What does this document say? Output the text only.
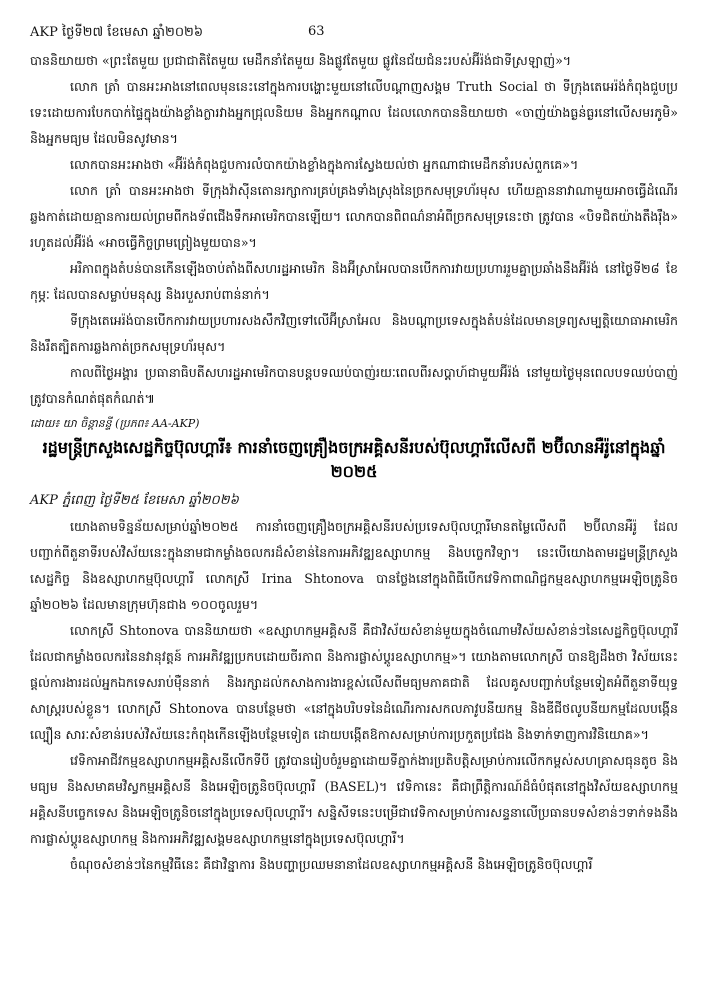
AKP ថ្ងៃទី២៧ ខែមេសា ឆ្នាំ២០២៦	63

បាននិយាយថា «ព្រះតែមួយ ប្រជាជាតិតែមួយ មេដឹកនាំតែមួយ និងផ្លូវតែមួយ ផ្លូវនៃជ័យជំនះរបស់អ៊ីរ៉ង់ជាទីស្រឡាញ់»។

លោក ត្រាំ បានអះអាងនៅពេលមុននេះនៅក្នុងការបង្ហោះមួយនៅលើបណ្ដាញសង្គម Truth Social ថា ទីក្រុងតេអេរ៉ង់កំពុងជួបប្រទេះដោយការបែកបាក់ផ្ទៃក្នុងយ៉ាងខ្លាំងក្លារវាងអ្នកជ្រុលនិយម និងអ្នកកណ្ដាល ដែលលោកបាននិយាយថា «ចាញ់យ៉ាងធ្ងន់ធ្ងរនៅលើសមរភូមិ» និងអ្នកមធ្យម ដែលមិនសូវមាន។

លោកបានអះអាងថា «អ៊ីរ៉ង់កំពុងជួបការលំបាកយ៉ាងខ្លាំងក្នុងការស្វែងយល់ថា អ្នកណាជាមេដឹកនាំរបស់ពួកគេ»។

លោក ត្រាំ បានអះអាងថា ទីក្រុងវ៉ាស៊ីនតោនរក្សាការគ្រប់គ្រងទាំងស្រុងនៃច្រកសមុទ្រហ័រមុស ហើយគ្មាននាវាណាមួយអាចធ្វើដំណើរឆ្លងកាត់ដោយគ្មានការយល់ព្រមពីកងទ័ពជើងទឹកអាមេរិកបានឡើយ។ លោកបានពិពណ៌នាអំពីច្រកសមុទ្រនេះថា ត្រូវបាន «បិទជិតយ៉ាងតឹងរ៉ឹង» រហូតដល់អ៊ីរ៉ង់ «អាចធ្វើកិច្ចព្រមព្រៀងមួយបាន»។

អរិភាពក្នុងតំបន់បានកើនឡើងចាប់តាំងពីសហរដ្ឋអាមេរិក និងអ៊ីស្រាអែលបានបើកការវាយប្រហាររួមគ្នាប្រឆាំងនឹងអ៊ីរ៉ង់ នៅថ្ងៃទី២៨ ខែកុម្ភៈ ដែលបានសម្លាប់មនុស្ស និងរបួសរាប់ពាន់នាក់។

ទីក្រុងតេអេរ៉ង់បានបើកការវាយប្រហារសងសឹកវិញទៅលើអ៊ីស្រាអែល និងបណ្ដាប្រទេសក្នុងតំបន់ដែលមានទ្រព្យសម្បត្តិយោធាអាមេរិក និងរឹតត្បិតការឆ្លងកាត់ច្រកសមុទ្រហ័រមុស។

កាលពីថ្ងៃអង្គារ ប្រធានាធិបតីសហរដ្ឋអាមេរិកបានបន្តបទឈប់បាញ់រយៈពេលពីរសប្ដាហ៍ជាមួយអ៊ីរ៉ង់ នៅមួយថ្ងៃមុនពេលបទឈប់បាញ់ត្រូវបានកំណត់ផុតកំណត់៕

ដោយ៖ យា ចិន្ដានន្ទី (ប្រភព៖ AA-AKP)
រដ្ឋមន្ត្រីក្រសួងសេដ្ឋកិច្ចប៊ុលហ្គារី៖ ការនាំចេញគ្រឿងចក្រអគ្គិសនីរបស់ប៊ុលហ្គារីលើសពី ២ប៊ីលានអឺរ៉ូនៅក្នុងឆ្នាំ ២០២៥
AKP ភ្នំពេញ ថ្ងៃទី២៥ ខែមេសា ឆ្នាំ២០២៦

យោងតាមទិន្នន័យសម្រាប់ឆ្នាំ២០២៥ ការនាំចេញគ្រឿងចក្រអគ្គិសនីរបស់ប្រទេសប៊ុលហ្គារីមានតម្លៃលើសពី ២ប៊ីលានអឺរ៉ូ ដែលបញ្ជាក់ពីតួនាទីរបស់វិស័យនេះក្នុងនាមជាកម្លាំងចលករដ៏សំខាន់នៃការអភិវឌ្ឍឧស្សាហកម្ម និងបច្ចេកវិទ្យា។ នេះបើយោងតាមរដ្ឋមន្ត្រីក្រសួងសេដ្ឋកិច្ច និងឧស្សាហកម្មប៊ុលហ្គារី លោកស្រី Irina Shtonova បានថ្លែងនៅក្នុងពិធីបើកវេទិកាពាណិជ្ជកម្មឧស្សាហកម្មអេឡិចត្រូនិចឆ្នាំ២០២៦ ដែលមានក្រុមហ៊ុនជាង ១០០ចូលរួម។

លោកស្រី Shtonova បាននិយាយថា «ឧស្សាហកម្មអគ្គិសនី គឺជាវិស័យសំខាន់មួយក្នុងចំណោមវិស័យសំខាន់ៗនៃសេដ្ឋកិច្ចប៊ុលហ្គារី ដែលជាកម្លាំងចលករនៃនវានុវត្តន៍ ការអភិវឌ្ឍប្រកបដោយចីរភាព និងការផ្លាស់ប្ដូរឧស្សាហកម្ម»។ យោងតាមលោកស្រី បានឱ្យដឹងថា វិស័យនេះផ្ដល់ការងារដល់អ្នកឯកទេសរាប់ម៉ឺននាក់ និងរក្សាដល់កសាងការងារខ្ពស់លើសពីមធ្យមភាគជាតិ ដែលគូសបញ្ជាក់បន្ថែមទៀតអំពីតួនាទីយុទ្ធសាស្ត្ររបស់ខ្លួន។ លោកស្រី Shtonova បានបន្ថែមថា «នៅក្នុងបរិបទនៃដំណើរការសកលភាវូបនីយកម្ម និងឌីជីថលូបនីយកម្មដែលបង្កើនល្បឿន សារៈសំខាន់របស់វិស័យនេះកំពុងកើនឡើងបន្ថែមទៀត ដោយបង្កើតឱកាសសម្រាប់ការប្រកួតប្រជែង និងទាក់ទាញការវិនិយោគ»។

វេទិកាអាជីវកម្មឧស្សាហកម្មអគ្គិសនីលើកទីបី ត្រូវបានរៀបចំរួមគ្នាដោយទីភ្នាក់ងារប្រតិបត្តិសម្រាប់ការលើកកម្ពស់សហគ្រាសធុនតូច និងមធ្យម និងសមាគមវិស្វកម្មអគ្គិសនី និងអេឡិចត្រូនិចប៊ុលហ្គារី (BASEL)។ វេទិកានេះ គឺជាព្រឹត្តិការណ៍ដ៏ធំបំផុតនៅក្នុងវិស័យឧស្សាហកម្មអគ្គិសនីបច្ចេកទេស និងអេឡិចត្រូនិចនៅក្នុងប្រទេសប៊ុលហ្គារី។ សន្និសីទនេះបម្រើជាវេទិកាសម្រាប់ការសន្ទនាលើប្រធានបទសំខាន់ៗទាក់ទងនឹងការផ្លាស់ប្ដូរឧស្សាហកម្ម និងការអភិវឌ្ឍសង្គមឧស្សាហកម្មនៅក្នុងប្រទេសប៊ុលហ្គារី។

ចំណុចសំខាន់ៗនៃកម្មវិធីនេះ គឺជាវិន្នាការ និងបញ្ហាប្រឈមនានាដែលឧស្សាហកម្មអគ្គិសនី និងអេឡិចត្រូនិចប៊ុលហ្គារី
